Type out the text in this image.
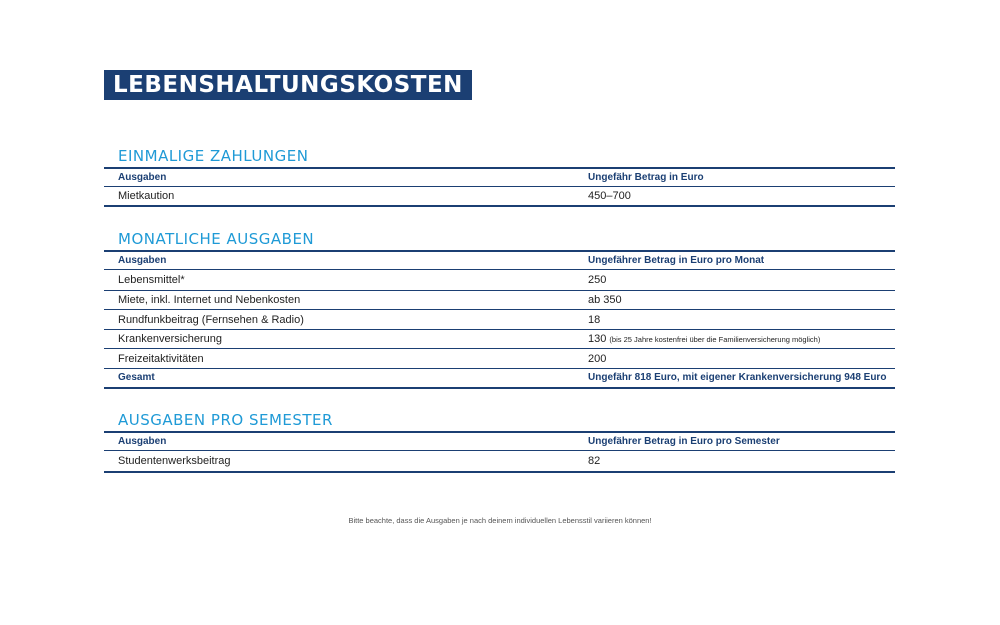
LEBENSHALTUNGSKOSTEN
EINMALIGE ZAHLUNGEN
Ausgaben	Ungefähr Betrag in Euro
Mietkaution	450–700
MONATLICHE AUSGABEN
Ausgaben	Ungefährer Betrag in Euro pro Monat
Lebensmittel*	250
Miete, inkl. Internet und Nebenkosten	ab 350
Rundfunkbeitrag (Fernsehen & Radio)	18
Krankenversicherung	130 (bis 25 Jahre kostenfrei über die Familienversicherung möglich)
Freizeitaktivitäten	200
Gesamt	Ungefähr 818 Euro, mit eigener Krankenversicherung 948 Euro
AUSGABEN PRO SEMESTER
Ausgaben	Ungefährer Betrag in Euro pro Semester
Studentenwerksbeitrag	82
Bitte beachte, dass die Ausgaben je nach deinem individuellen Lebensstil variieren können!
